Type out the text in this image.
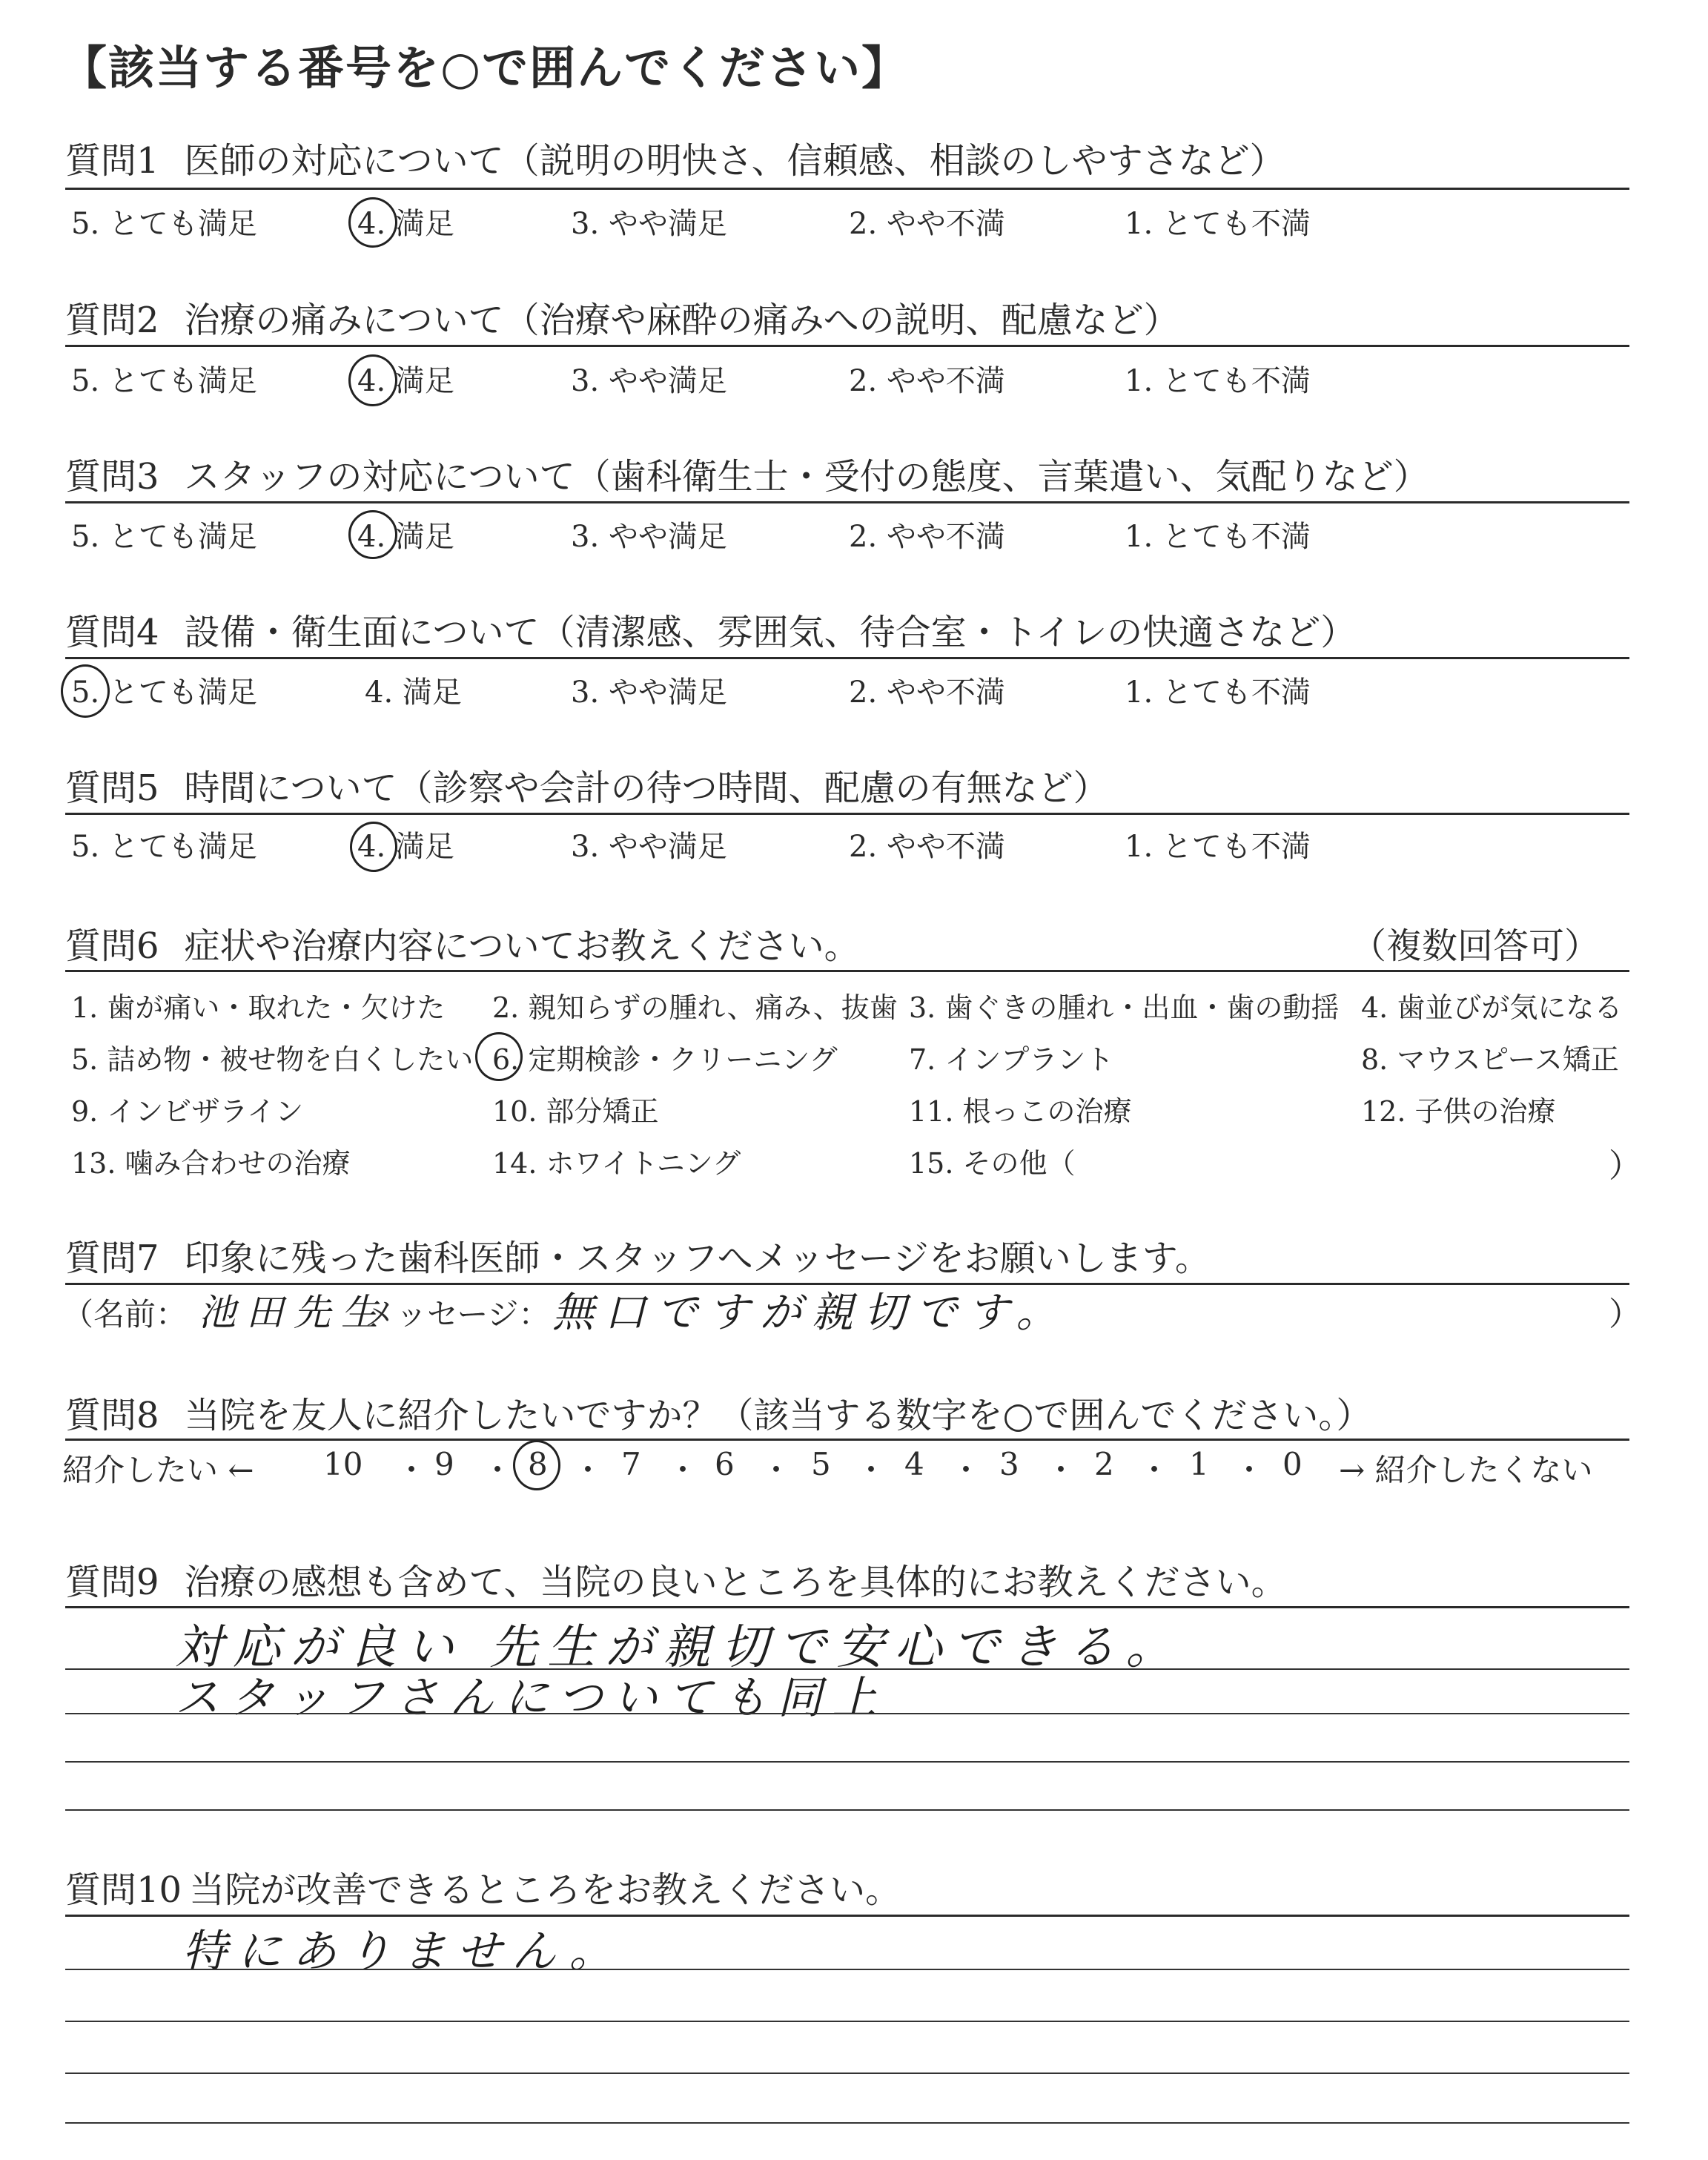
【該当する番号を○で囲んでください】
質問1 医師の対応について（説明の明快さ、信頼感、相談のしやすさなど）
5. とても満足	4. 満足	3. やや満足	2. やや不満	1. とても不満
質問2 治療の痛みについて（治療や麻酔の痛みへの説明、配慮など）
5. とても満足	4. 満足	3. やや満足	2. やや不満	1. とても不満
質問3 スタッフの対応について（歯科衛生士・受付の態度、言葉遣い、気配りなど）
5. とても満足	4. 満足	3. やや満足	2. やや不満	1. とても不満
質問4 設備・衛生面について（清潔感、雰囲気、待合室・トイレの快適さなど）
5. とても満足	4. 満足	3. やや満足	2. やや不満	1. とても不満
質問5 時間について（診察や会計の待つ時間、配慮の有無など）
5. とても満足	4. 満足	3. やや満足	2. やや不満	1. とても不満
質問6 症状や治療内容についてお教えください。	（複数回答可）
1. 歯が痛い・取れた・欠けた 2. 親知らずの腫れ、痛み、抜歯 3. 歯ぐきの腫れ・出血・歯の動揺 4. 歯並びが気になる
5. 詰め物・被せ物を白くしたい 6. 定期検診・クリーニング	7. インプラント	8. マウスピース矯正
9. インビザライン	10. 部分矯正	11. 根っこの治療	12. 子供の治療
13. 噛み合わせの治療	14. ホワイトニング	15. その他（	）
質問7 印象に残った歯科医師・スタッフへメッセージをお願いします。
（名前： 池田先生
メッセージ： 無口ですが親切です。	）
質問8 当院を友人に紹介したいですか？（該当する数字を○で囲んでください。）
紹介したい ← 10 ・ 9 ・ 8 ・ 7 ・ 6 ・ 5 ・ 4 ・ 3 ・ 2 ・ 1 ・ 0 → 紹介したくない
質問9 治療の感想も含めて、当院の良いところを具体的にお教えください。
対応が良い 先生が親切で安心できる。
スタッフさんについても同上
質問10 当院が改善できるところをお教えください。
特にありません。
